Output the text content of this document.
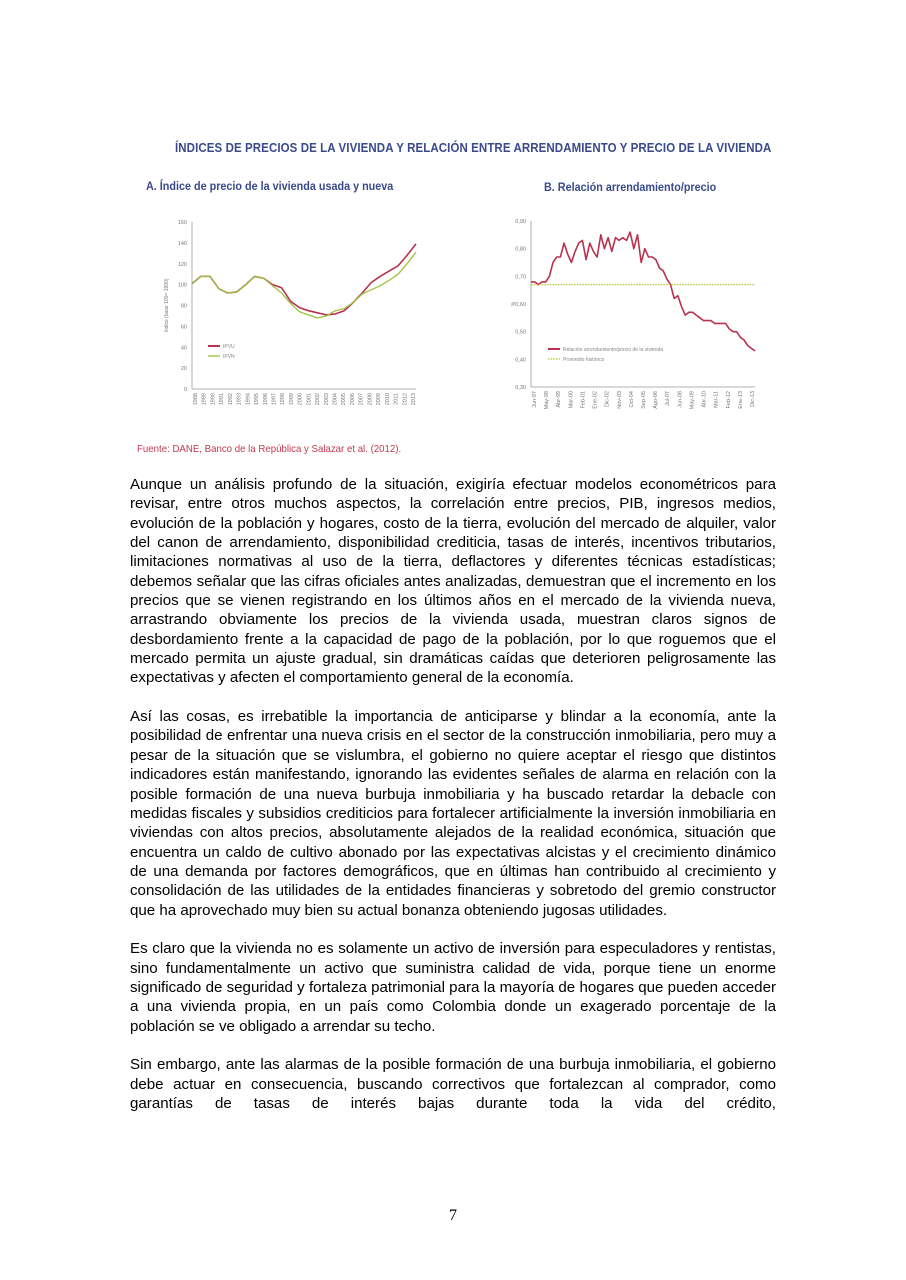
ÍNDICES DE PRECIOS DE LA VIVIENDA Y RELACIÓN ENTRE ARRENDAMIENTO Y PRECIO DE LA VIVIENDA
A. Índice de precio de la vivienda usada y nueva	B. Relación arrendamiento/precio
0
20
40
60
80
100
120
140
160
Índice (base 100= 1990)
1988 1989 1990 1991 1992 1993 1994 1995 1996 1997 1998 1999 2000 2001 2002 2003 2004 2005 2006 2007 2008 2009 2010 2011 2012 2013
IPVU
IPVN
0,30
0,40
0,50
0,60
0,70
0,80
0,90
%
Jun-97 May-98 Abr-99 Mar-00 Feb-01 Ene-02 Dic-02 Nov-03 Oct-04 Sep-05 Ago-06 Jul-07 Jun-08 May-09 Abr-10 Mar-11 Feb-12 Ene-13 Dic-13
Relación arrendamiento/precio de la vivienda
Promedio histórico
Fuente: DANE, Banco de la República y Salazar et al. (2012).

Aunque un análisis profundo de la situación, exigiría efectuar modelos econométricos para revisar, entre otros muchos aspectos, la correlación entre precios, PIB, ingresos medios, evolución de la población y hogares, costo de la tierra, evolución del mercado de alquiler, valor del canon de arrendamiento, disponibilidad crediticia, tasas de interés, incentivos tributarios, limitaciones normativas al uso de la tierra, deflactores y diferentes técnicas estadísticas; debemos señalar que las cifras oficiales antes analizadas, demuestran que el incremento en los precios que se vienen registrando en los últimos años en el mercado de la vivienda nueva, arrastrando obviamente los precios de la vivienda usada, muestran claros signos de desbordamiento frente a la capacidad de pago de la población, por lo que roguemos que el mercado permita un ajuste gradual, sin dramáticas caídas que deterioren peligrosamente las expectativas y afecten el comportamiento general de la economía.

Así las cosas, es irrebatible la importancia de anticiparse y blindar a la economía, ante la posibilidad de enfrentar una nueva crisis en el sector de la construcción inmobiliaria, pero muy a pesar de la situación que se vislumbra, el gobierno no quiere aceptar el riesgo que distintos indicadores están manifestando, ignorando las evidentes señales de alarma en relación con la posible formación de una nueva burbuja inmobiliaria y ha buscado retardar la debacle con medidas fiscales y subsidios crediticios para fortalecer artificialmente la inversión inmobiliaria en viviendas con altos precios, absolutamente alejados de la realidad económica, situación que encuentra un caldo de cultivo abonado por las expectativas alcistas y el crecimiento dinámico de una demanda por factores demográficos, que en últimas han contribuido al crecimiento y consolidación de las utilidades de la entidades financieras y sobretodo del gremio constructor que ha aprovechado muy bien su actual bonanza obteniendo jugosas utilidades.

Es claro que la vivienda no es solamente un activo de inversión para especuladores y rentistas, sino fundamentalmente un activo que suministra calidad de vida, porque tiene un enorme significado de seguridad y fortaleza patrimonial para la mayoría de hogares que pueden acceder a una vivienda propia, en un país como Colombia donde un exagerado porcentaje de la población se ve obligado a arrendar su techo.

Sin embargo, ante las alarmas de la posible formación de una burbuja inmobiliaria, el gobierno debe actuar en consecuencia, buscando correctivos que fortalezcan al comprador, como garantías de tasas de interés bajas durante toda la vida del crédito,

7
